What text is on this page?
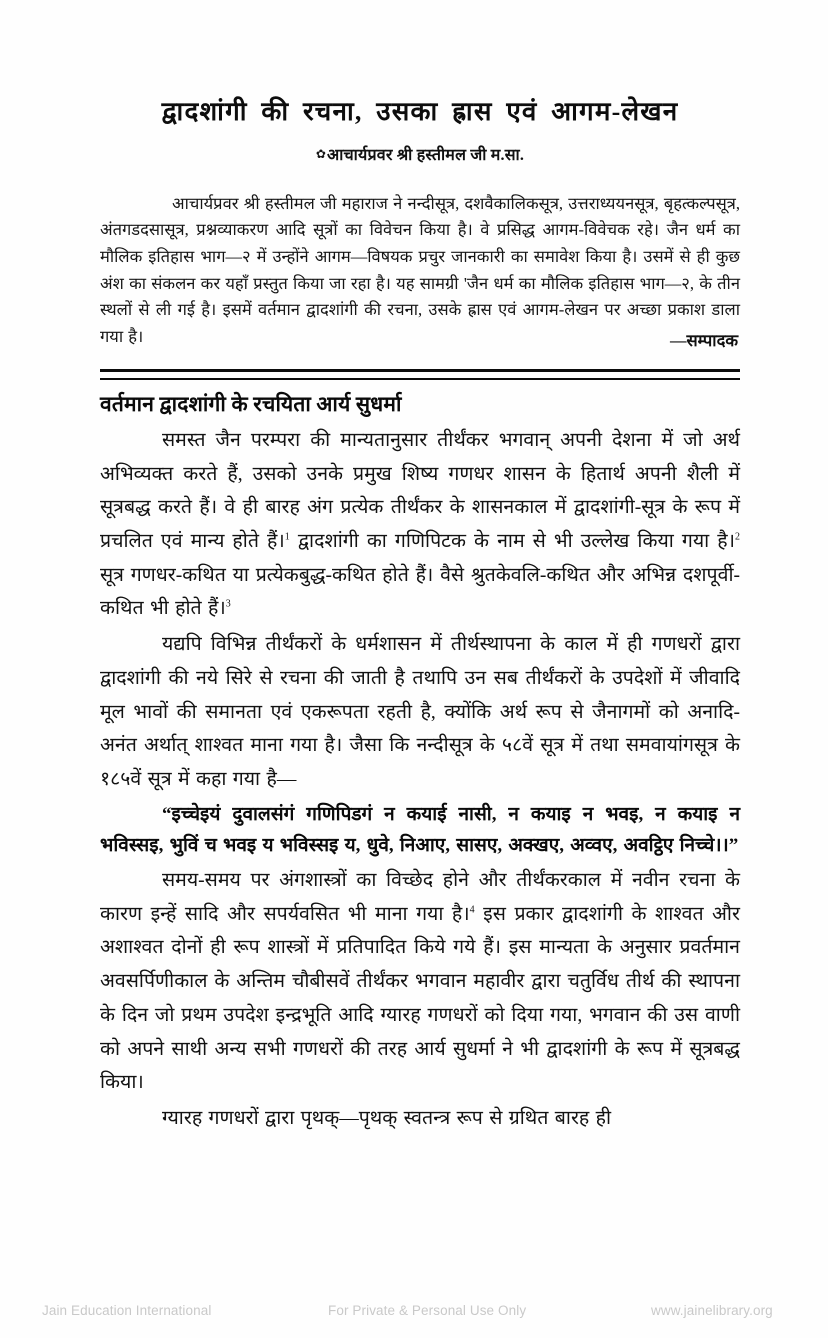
द्वादशांगी की रचना, उसका ह्रास एवं आगम-लेखन
✿आचार्यप्रवर श्री हस्तीमल जी म.सा.

आचार्यप्रवर श्री हस्तीमल जी महाराज ने नन्दीसूत्र, दशवैकालिकसूत्र, उत्तराध्ययनसूत्र, बृहत्कल्पसूत्र, अंतगडदसासूत्र, प्रश्नव्याकरण आदि सूत्रों का विवेचन किया है। वे प्रसिद्ध आगम-विवेचक रहे। जैन धर्म का मौलिक इतिहास भाग—२ में उन्होंने आगम—विषयक प्रचुर जानकारी का समावेश किया है। उसमें से ही कुछ अंश का संकलन कर यहाँ प्रस्तुत किया जा रहा है। यह सामग्री 'जैन धर्म का मौलिक इतिहास भाग—२, के तीन स्थलों से ली गई है। इसमें वर्तमान द्वादशांगी की रचना, उसके ह्रास एवं आगम-लेखन पर अच्छा प्रकाश डाला गया है।	—सम्पादक
वर्तमान द्वादशांगी के रचयिता आर्य सुधर्मा

समस्त जैन परम्परा की मान्यतानुसार तीर्थंकर भगवान् अपनी देशना में जो अर्थ अभिव्यक्त करते हैं, उसको उनके प्रमुख शिष्य गणधर शासन के हितार्थ अपनी शैली में सूत्रबद्ध करते हैं। वे ही बारह अंग प्रत्येक तीर्थंकर के शासनकाल में द्वादशांगी-सूत्र के रूप में प्रचलित एवं मान्य होते हैं।$^1$ द्वादशांगी का गणिपिटक के नाम से भी उल्लेख किया गया है।$^2$ सूत्र गणधर-कथित या प्रत्येकबुद्ध-कथित होते हैं। वैसे श्रुतकेवलि-कथित और अभिन्न दशपूर्वी-कथित भी होते हैं।$^3$

यद्यपि विभिन्न तीर्थंकरों के धर्मशासन में तीर्थस्थापना के काल में ही गणधरों द्वारा द्वादशांगी की नये सिरे से रचना की जाती है तथापि उन सब तीर्थंकरों के उपदेशों में जीवादि मूल भावों की समानता एवं एकरूपता रहती है, क्योंकि अर्थ रूप से जैनागमों को अनादि-अनंत अर्थात् शाश्वत माना गया है। जैसा कि नन्दीसूत्र के ५८वें सूत्र में तथा समवायांगसूत्र के १८५वें सूत्र में कहा गया है—

“इच्चेइयं दुवालसंगं गणिपिडगं न कयाई नासी, न कयाइ न भवइ, न कयाइ न भविस्सइ, भुविं च भवइ य भविस्सइ य, धुवे, निआए, सासए, अक्खए, अव्वए, अवट्ठिए निच्चे।।”

समय-समय पर अंगशास्त्रों का विच्छेद होने और तीर्थंकरकाल में नवीन रचना के कारण इन्हें सादि और सपर्यवसित भी माना गया है।$^4$ इस प्रकार द्वादशांगी के शाश्वत और अशाश्वत दोनों ही रूप शास्त्रों में प्रतिपादित किये गये हैं। इस मान्यता के अनुसार प्रवर्तमान अवसर्पिणीकाल के अन्तिम चौबीसवें तीर्थंकर भगवान महावीर द्वारा चतुर्विध तीर्थ की स्थापना के दिन जो प्रथम उपदेश इन्द्रभूति आदि ग्यारह गणधरों को दिया गया, भगवान की उस वाणी को अपने साथी अन्य सभी गणधरों की तरह आर्य सुधर्मा ने भी द्वादशांगी के रूप में सूत्रबद्ध किया।

ग्यारह गणधरों द्वारा पृथक्—पृथक् स्वतन्त्र रूप से ग्रथित बारह ही

Jain Education International	For Private & Personal Use Only	www.jainelibrary.org
